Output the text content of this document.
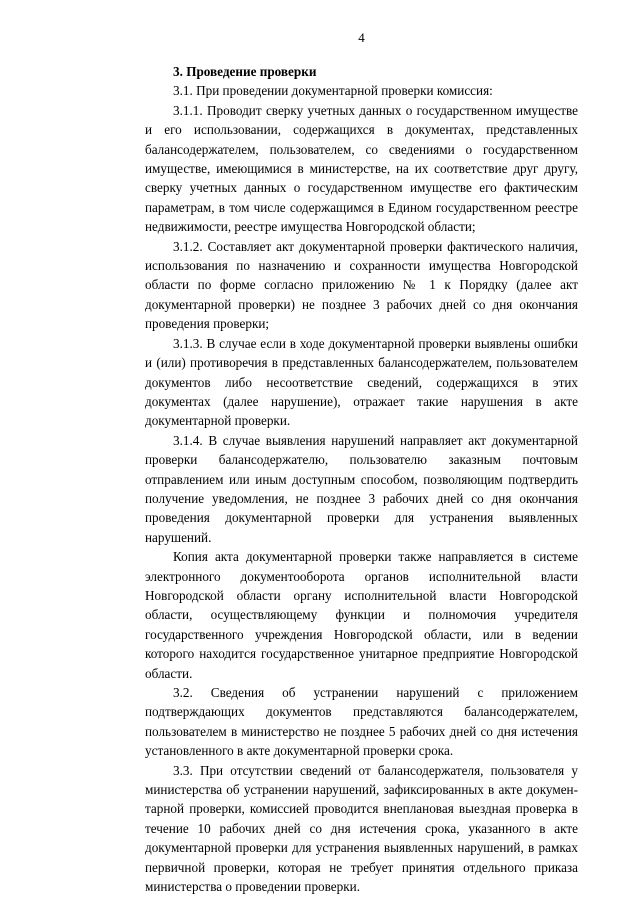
4

3. Проведение проверки

3.1. При проведении документарной проверки комиссия:

3.1.1. Проводит сверку учетных данных о государственном имуществе и его использовании, содержащихся в документах, представленных балансодержателем, пользователем, со сведениями о государственном имуществе, имеющимися в министерстве, на их соответствие друг другу, сверку учетных данных о государственном имуществе его фактическим параметрам, в том числе содержащимся в Едином государственном реестре недвижимости, реестре имущества Новгородской области;

3.1.2. Составляет акт документарной проверки фактического наличия, использования по назначению и сохранности имущества Новгородской области по форме согласно приложению № 1 к Порядку (далее акт документарной проверки) не позднее 3 рабочих дней со дня окончания проведения проверки;

3.1.3. В случае если в ходе документарной проверки выявлены ошибки и (или) противоречия в представленных балансодержателем, пользователем документов либо несоответствие сведений, содержащихся в этих документах (далее нарушение), отражает такие нарушения в акте документарной проверки.

3.1.4. В случае выявления нарушений направляет акт документарной проверки балансодержателю, пользователю заказным почтовым отправлением или иным доступным способом, позволяющим подтвердить получение уведомления, не позднее 3 рабочих дней со дня окончания проведения документарной проверки для устранения выявленных нарушений.

Копия акта документарной проверки также направляется в системе электронного документооборота органов исполнительной власти Новгородской области органу исполнительной власти Новгородской области, осуществляющему функции и полномочия учредителя государственного учреждения Новгородской области, или в ведении которого находится государственное унитарное предприятие Новгородской области.

3.2. Сведения об устранении нарушений с приложением подтверждающих документов представляются балансодержателем, пользователем в министерство не позднее 5 рабочих дней со дня истечения установленного в акте документарной проверки срока.

3.3. При отсутствии сведений от балансодержателя, пользователя у министерства об устранении нарушений, зафиксированных в акте докумен-тарной проверки, комиссией проводится внеплановая выездная проверка в течение 10 рабочих дней со дня истечения срока, указанного в акте документарной проверки для устранения выявленных нарушений, в рамках первичной проверки, которая не требует принятия отдельного приказа министерства о проведении проверки.
